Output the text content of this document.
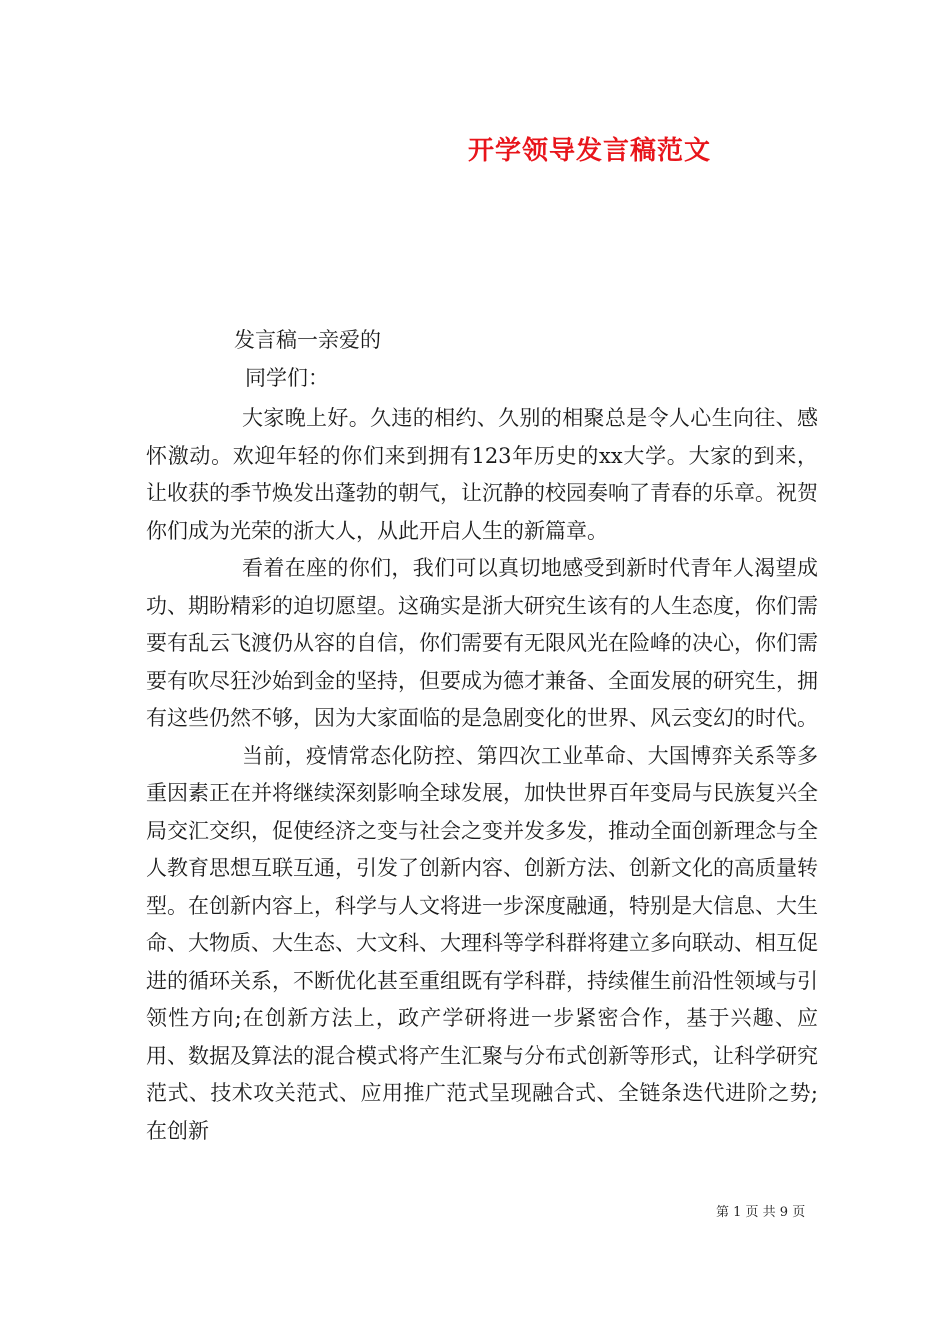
开学领导发言稿范文
发言稿一亲爱的
同学们：

大家晚上好。久违的相约、久别的相聚总是令人心生向往、感怀激动。欢迎年轻的你们来到拥有123年历史的xx大学。大家的到来，让收获的季节焕发出蓬勃的朝气，让沉静的校园奏响了青春的乐章。祝贺你们成为光荣的浙大人，从此开启人生的新篇章。

看着在座的你们，我们可以真切地感受到新时代青年人渴望成功、期盼精彩的迫切愿望。这确实是浙大研究生该有的人生态度，你们需要有乱云飞渡仍从容的自信，你们需要有无限风光在险峰的决心，你们需要有吹尽狂沙始到金的坚持，但要成为德才兼备、全面发展的研究生，拥有这些仍然不够，因为大家面临的是急剧变化的世界、风云变幻的时代。

当前，疫情常态化防控、第四次工业革命、大国博弈关系等多重因素正在并将继续深刻影响全球发展，加快世界百年变局与民族复兴全局交汇交织，促使经济之变与社会之变并发多发，推动全面创新理念与全人教育思想互联互通，引发了创新内容、创新方法、创新文化的高质量转型。在创新内容上，科学与人文将进一步深度融通，特别是大信息、大生命、大物质、大生态、大文科、大理科等学科群将建立多向联动、相互促进的循环关系，不断优化甚至重组既有学科群，持续催生前沿性领域与引领性方向;在创新方法上，政产学研将进一步紧密合作，基于兴趣、应用、数据及算法的混合模式将产生汇聚与分布式创新等形式，让科学研究范式、技术攻关范式、应用推广范式呈现融合式、全链条迭代进阶之势;在创新

第 1 页 共 9 页
